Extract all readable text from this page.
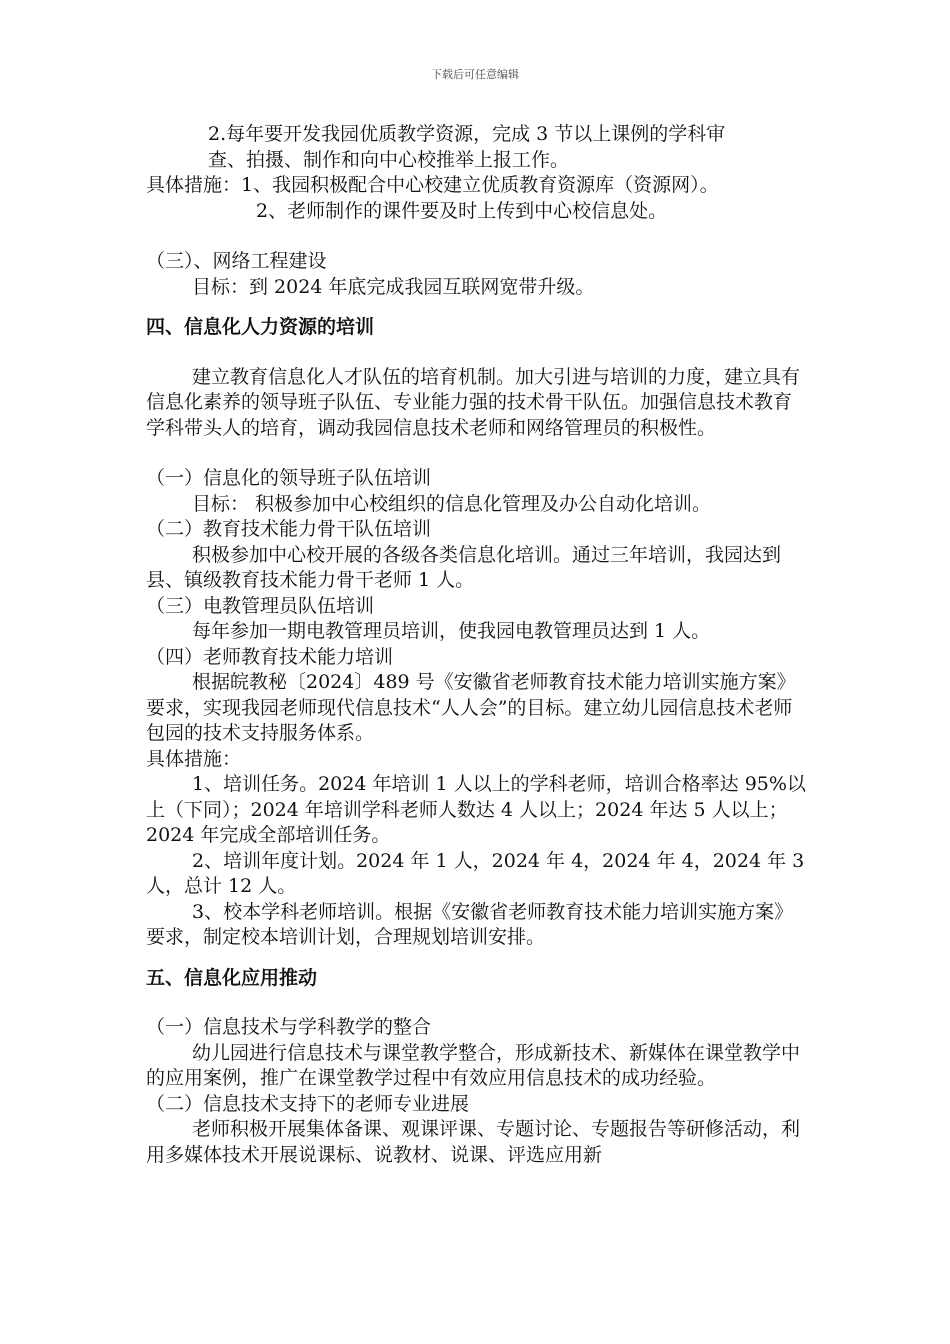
下载后可任意编辑
2.每年要开发我园优质教学资源，完成 3 节以上课例的学科审
查、拍摄、制作和向中心校推举上报工作。
具体措施：1、我园积极配合中心校建立优质教育资源库（资源网）。
2、老师制作的课件要及时上传到中心校信息处。
（三）、网络工程建设
目标：到 2024 年底完成我园互联网宽带升级。
四、信息化人力资源的培训
建立教育信息化人才队伍的培育机制。加大引进与培训的力度，建立具有信息化素养的领导班子队伍、专业能力强的技术骨干队伍。加强信息技术教育学科带头人的培育，调动我园信息技术老师和网络管理员的积极性。
（一）信息化的领导班子队伍培训
目标： 积极参加中心校组织的信息化管理及办公自动化培训。
（二）教育技术能力骨干队伍培训
积极参加中心校开展的各级各类信息化培训。通过三年培训，我园达到县、镇级教育技术能力骨干老师 1 人。
（三）电教管理员队伍培训
每年参加一期电教管理员培训，使我园电教管理员达到 1 人。
（四）老师教育技术能力培训
根据皖教秘〔2024〕489 号《安徽省老师教育技术能力培训实施方案》要求，实现我园老师现代信息技术“人人会”的目标。建立幼儿园信息技术老师包园的技术支持服务体系。
具体措施：
1、培训任务。2024 年培训 1 人以上的学科老师，培训合格率达 95%以上（下同）；2024 年培训学科老师人数达 4 人以上；2024 年达 5 人以上；2024 年完成全部培训任务。
2、培训年度计划。2024 年 1 人，2024 年 4，2024 年 4，2024 年 3 人，总计 12 人。
3、校本学科老师培训。根据《安徽省老师教育技术能力培训实施方案》要求，制定校本培训计划，合理规划培训安排。
五、信息化应用推动
（一）信息技术与学科教学的整合
幼儿园进行信息技术与课堂教学整合，形成新技术、新媒体在课堂教学中的应用案例，推广在课堂教学过程中有效应用信息技术的成功经验。
（二）信息技术支持下的老师专业进展
老师积极开展集体备课、观课评课、专题讨论、专题报告等研修活动，利用多媒体技术开展说课标、说教材、说课、评选应用新
